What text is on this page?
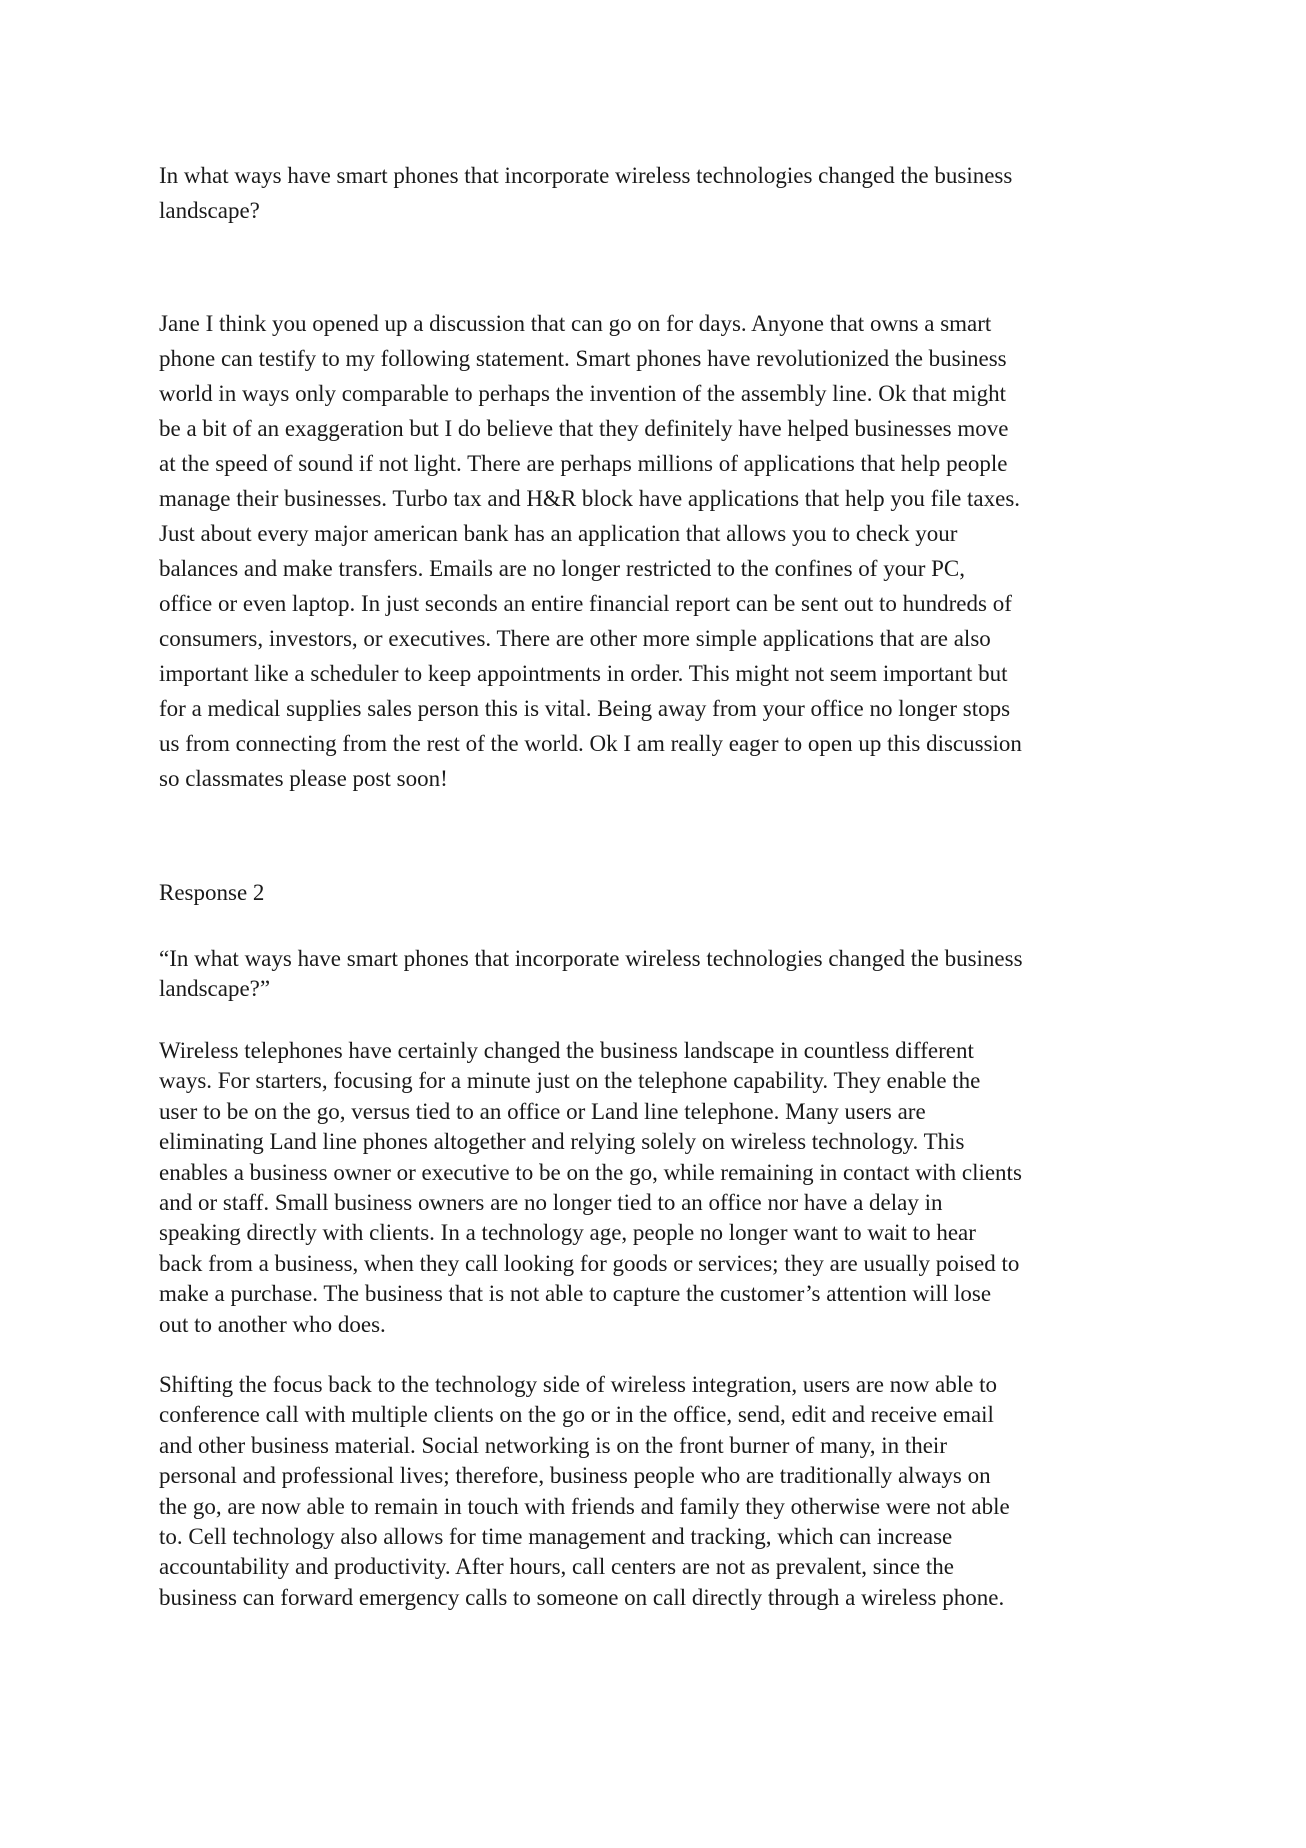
In what ways have smart phones that incorporate wireless technologies changed the business
landscape?

Jane I think you opened up a discussion that can go on for days. Anyone that owns a smart
phone can testify to my following statement. Smart phones have revolutionized the business
world in ways only comparable to perhaps the invention of the assembly line. Ok that might
be a bit of an exaggeration but I do believe that they definitely have helped businesses move
at the speed of sound if not light. There are perhaps millions of applications that help people
manage their businesses. Turbo tax and H&R block have applications that help you file taxes.
Just about every major american bank has an application that allows you to check your
balances and make transfers. Emails are no longer restricted to the confines of your PC,
office or even laptop. In just seconds an entire financial report can be sent out to hundreds of
consumers, investors, or executives. There are other more simple applications that are also
important like a scheduler to keep appointments in order. This might not seem important but
for a medical supplies sales person this is vital. Being away from your office no longer stops
us from connecting from the rest of the world. Ok I am really eager to open up this discussion
so classmates please post soon!

Response 2

“In what ways have smart phones that incorporate wireless technologies changed the business
landscape?”

Wireless telephones have certainly changed the business landscape in countless different
ways. For starters, focusing for a minute just on the telephone capability. They enable the
user to be on the go, versus tied to an office or Land line telephone. Many users are
eliminating Land line phones altogether and relying solely on wireless technology. This
enables a business owner or executive to be on the go, while remaining in contact with clients
and or staff. Small business owners are no longer tied to an office nor have a delay in
speaking directly with clients. In a technology age, people no longer want to wait to hear
back from a business, when they call looking for goods or services; they are usually poised to
make a purchase. The business that is not able to capture the customer’s attention will lose
out to another who does.

Shifting the focus back to the technology side of wireless integration, users are now able to
conference call with multiple clients on the go or in the office, send, edit and receive email
and other business material. Social networking is on the front burner of many, in their
personal and professional lives; therefore, business people who are traditionally always on
the go, are now able to remain in touch with friends and family they otherwise were not able
to. Cell technology also allows for time management and tracking, which can increase
accountability and productivity. After hours, call centers are not as prevalent, since the
business can forward emergency calls to someone on call directly through a wireless phone.
